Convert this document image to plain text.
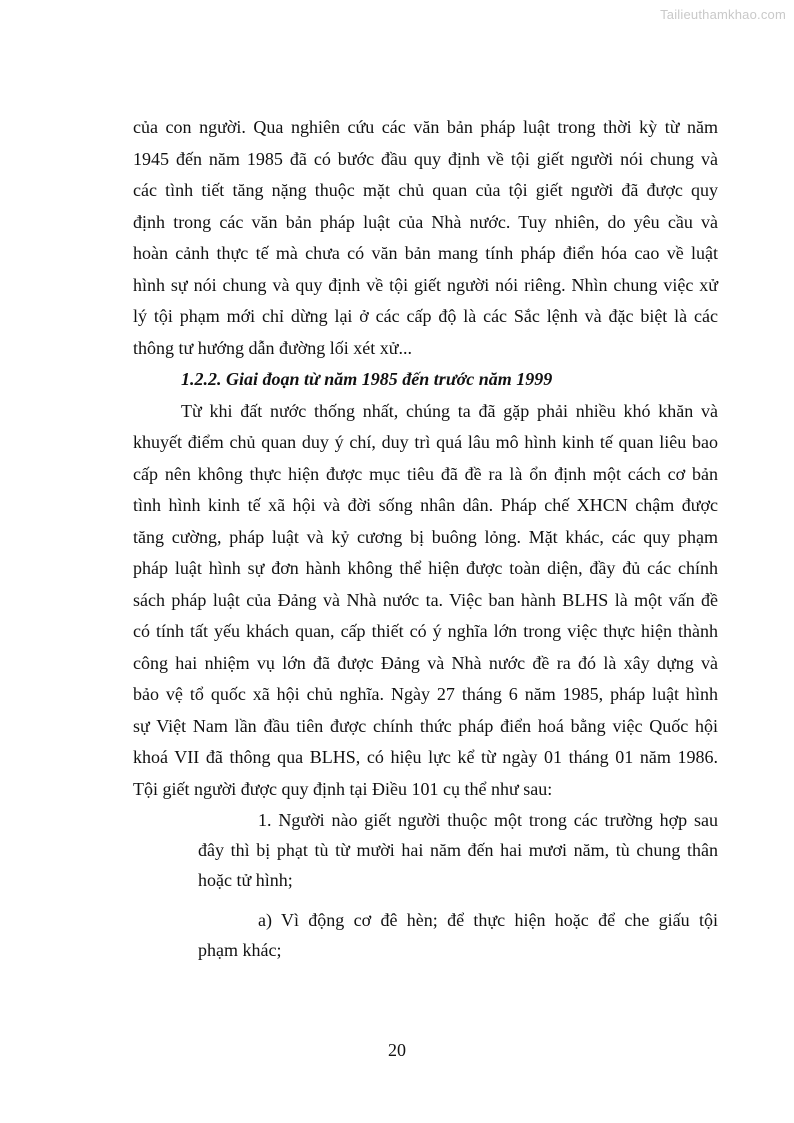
Tailieuthamkhao.com
của con người. Qua nghiên cứu các văn bản pháp luật trong thời kỳ từ năm
1945 đến năm 1985 đã có bước đầu quy định về tội giết người nói chung và
các tình tiết tăng nặng thuộc mặt chủ quan của tội giết người đã được quy
định trong các văn bản pháp luật của Nhà nước. Tuy nhiên, do yêu cầu và
hoàn cảnh thực tế mà chưa có văn bản mang tính pháp điển hóa cao về luật
hình sự nói chung và quy định về tội giết người nói riêng. Nhìn chung việc xử
lý tội phạm mới chỉ dừng lại ở các cấp độ là các Sắc lệnh và đặc biệt là các
thông tư hướng dẫn đường lối xét xử...
1.2.2. Giai đoạn từ năm 1985 đến trước năm 1999
Từ khi đất nước thống nhất, chúng ta đã gặp phải nhiều khó khăn và
khuyết điểm chủ quan duy ý chí, duy trì quá lâu mô hình kinh tế quan liêu bao
cấp nên không thực hiện được mục tiêu đã đề ra là ổn định một cách cơ bản
tình hình kinh tế xã hội và đời sống nhân dân. Pháp chế XHCN chậm được
tăng cường, pháp luật và kỷ cương bị buông lỏng. Mặt khác, các quy phạm
pháp luật hình sự đơn hành không thể hiện được toàn diện, đầy đủ các chính
sách pháp luật của Đảng và Nhà nước ta. Việc ban hành BLHS là một vấn đề
có tính tất yếu khách quan, cấp thiết có ý nghĩa lớn trong việc thực hiện thành
công hai nhiệm vụ lớn đã được Đảng và Nhà nước đề ra đó là xây dựng và
bảo vệ tổ quốc xã hội chủ nghĩa. Ngày 27 tháng 6 năm 1985, pháp luật hình
sự Việt Nam lần đầu tiên được chính thức pháp điển hoá bằng việc Quốc hội
khoá VII đã thông qua BLHS, có hiệu lực kể từ ngày 01 tháng 01 năm 1986.
Tội giết người được quy định tại Điều 101 cụ thể như sau:
1. Người nào giết người thuộc một trong các trường hợp sau
đây thì bị phạt tù từ mười hai năm đến hai mươi năm, tù chung thân
hoặc tử hình;
a) Vì động cơ đê hèn; để thực hiện hoặc để che giấu tội
phạm khác;
20
